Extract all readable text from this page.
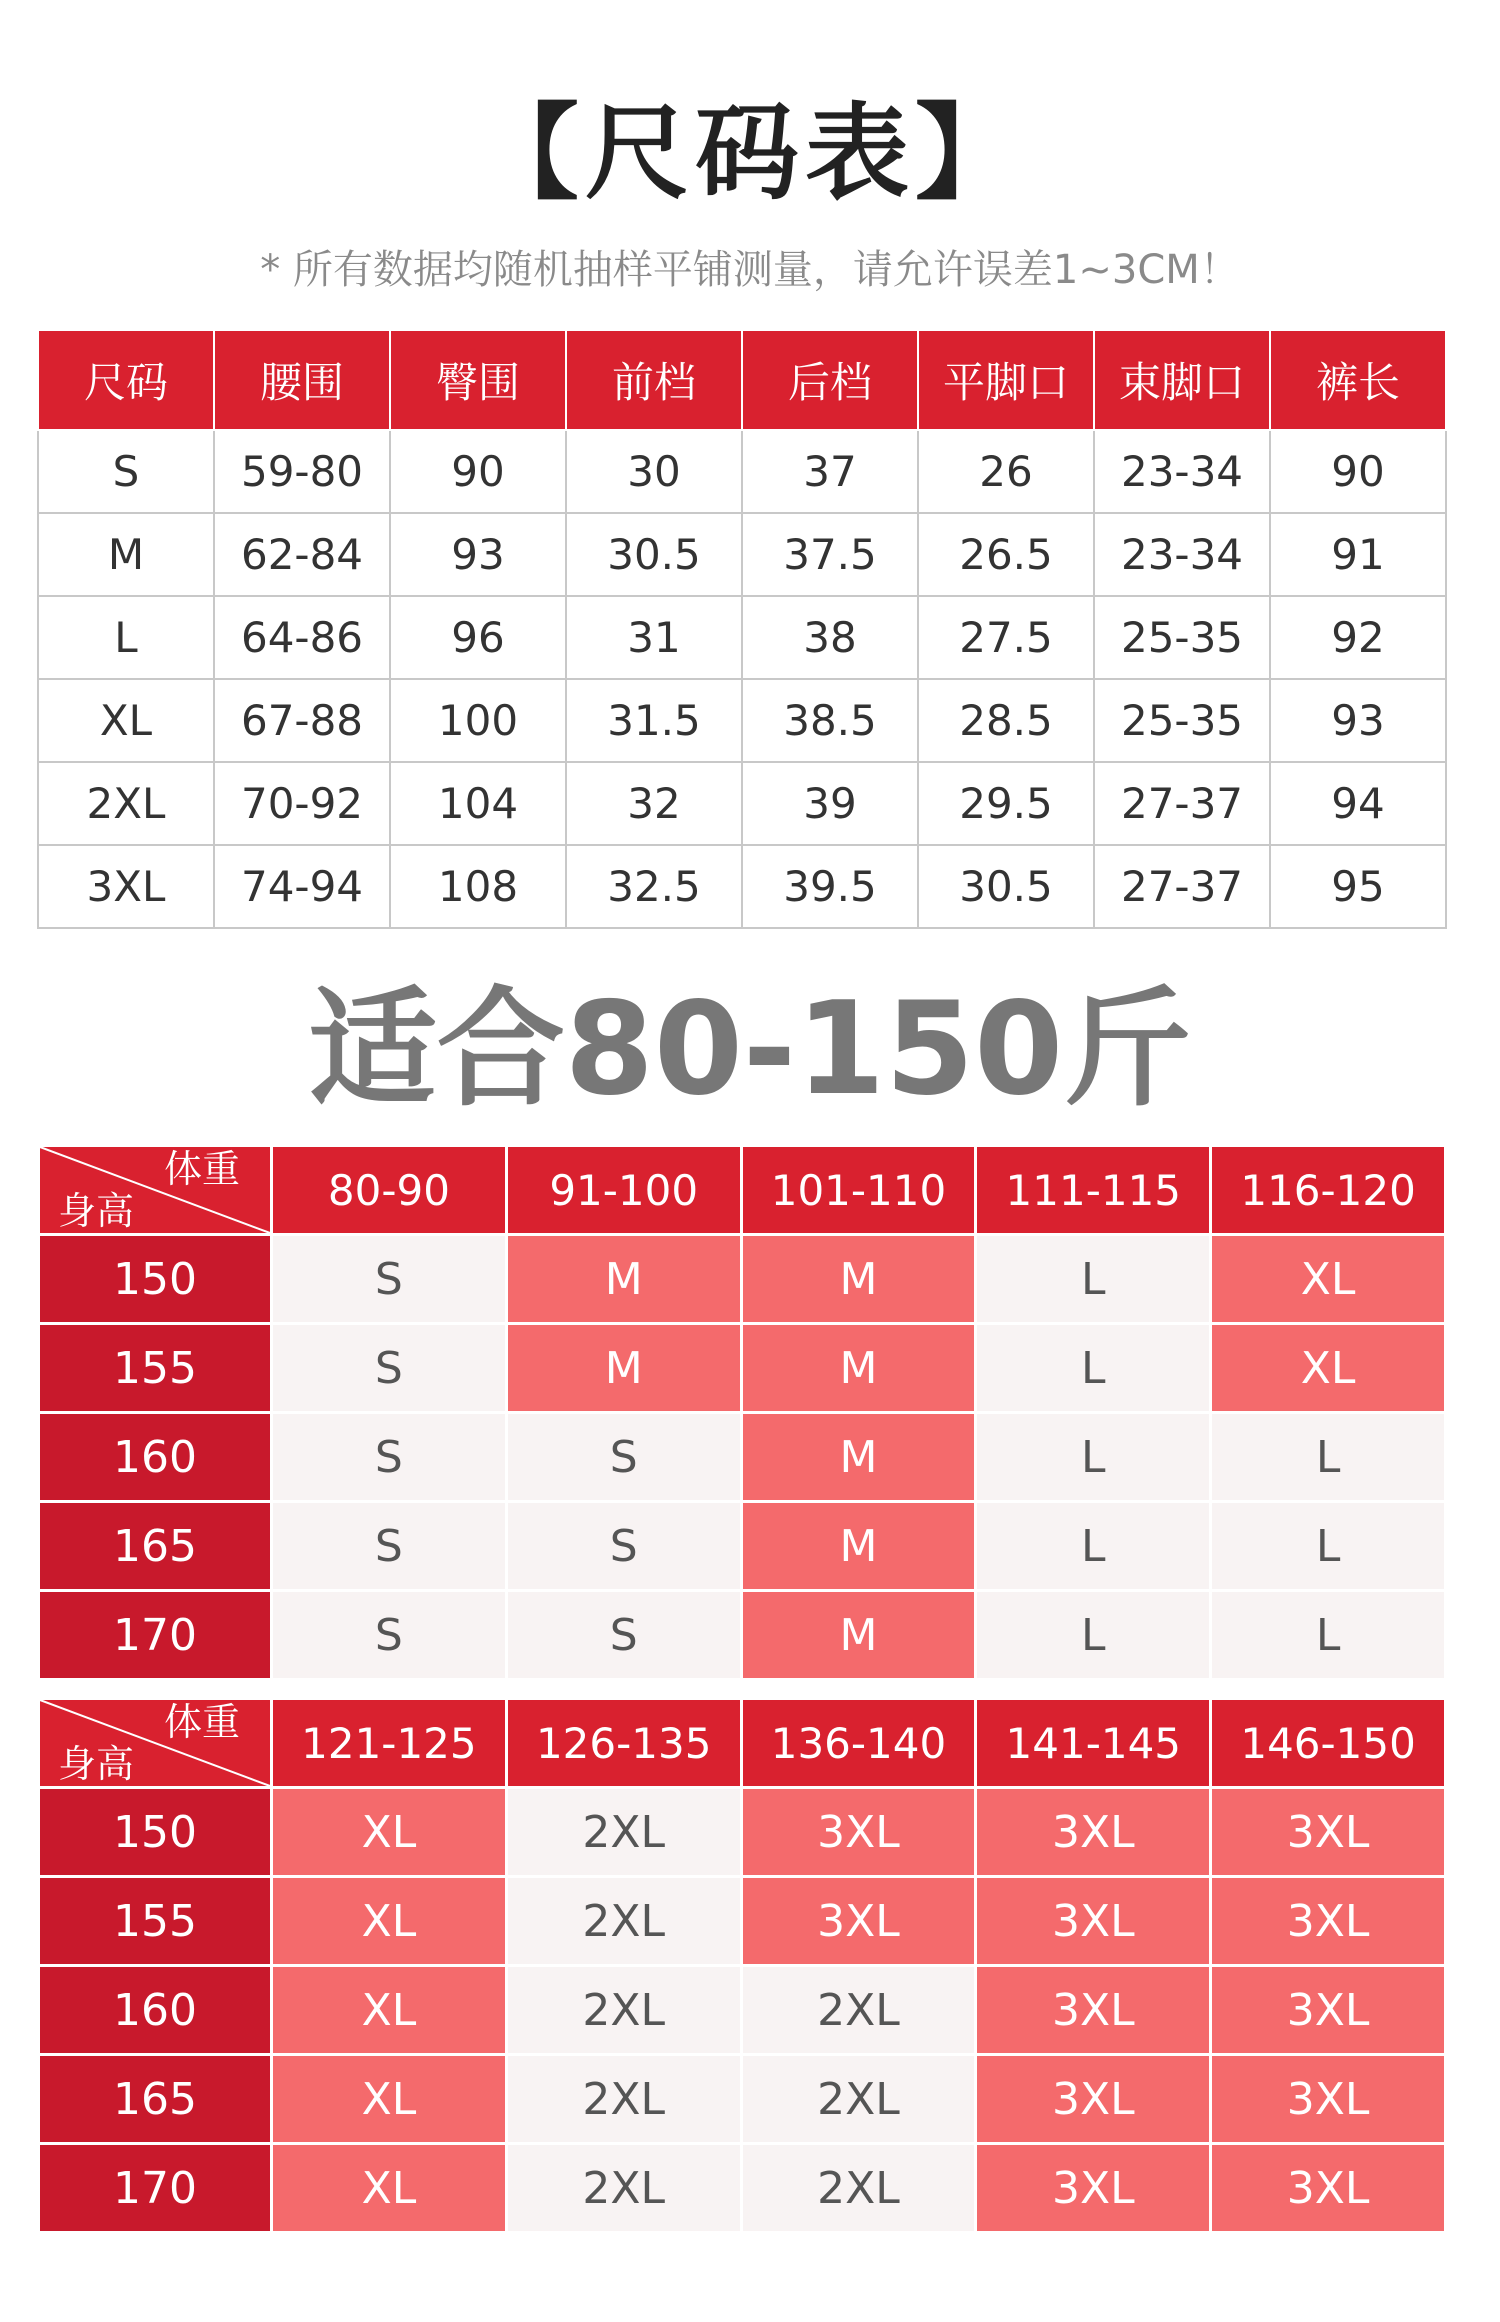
【尺码表】
* 所有数据均随机抽样平铺测量，请允许误差1~3CM！
尺码	腰围	臀围	前档	后档	平脚口	束脚口	裤长
S	59-80	90	30	37	26	23-34	90
M	62-84	93	30.5	37.5	26.5	23-34	91
L	64-86	96	31	38	27.5	25-35	92
XL	67-88	100	31.5	38.5	28.5	25-35	93
2XL	70-92	104	32	39	29.5	27-37	94
3XL	74-94	108	32.5	39.5	30.5	27-37	95
适合80-150斤
体重
身高	80-90	91-100	101-110	111-115	116-120
150	S	M	M	L	XL
155	S	M	M	L	XL
160	S	S	M	L	L
165	S	S	M	L	L
170	S	S	M	L	L
体重
身高	121-125	126-135	136-140	141-145	146-150
150	XL	2XL	3XL	3XL	3XL
155	XL	2XL	3XL	3XL	3XL
160	XL	2XL	2XL	3XL	3XL
165	XL	2XL	2XL	3XL	3XL
170	XL	2XL	2XL	3XL	3XL
